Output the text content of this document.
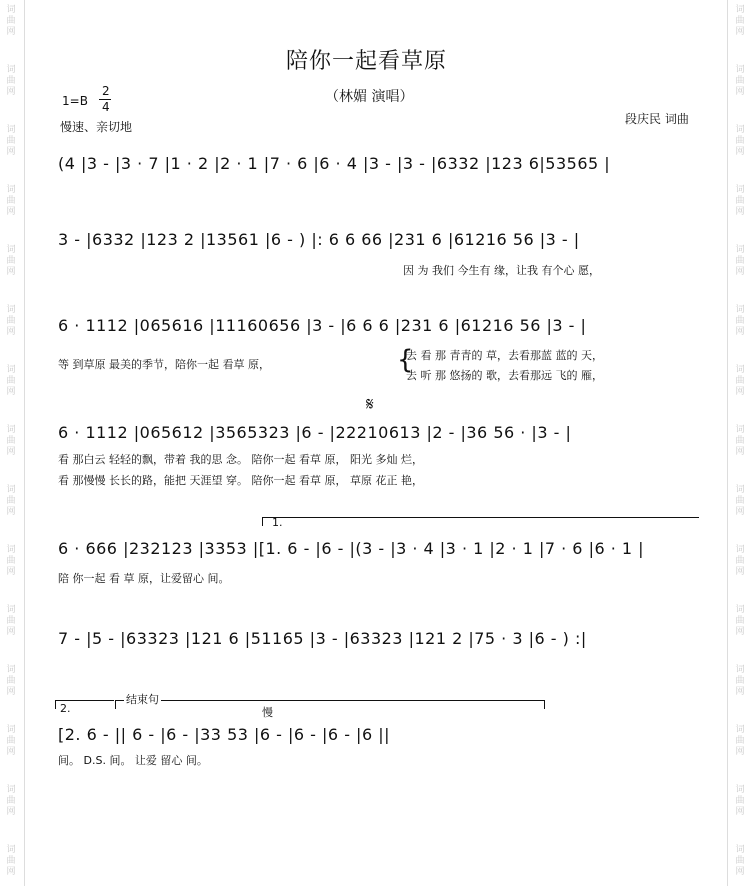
词曲网
词曲网
词曲网
词曲网
词曲网
词曲网
词曲网
词曲网
词曲网
词曲网
词曲网
词曲网
词曲网
词曲网
词曲网
词曲网
词曲网
词曲网
词曲网
词曲网
词曲网
词曲网
词曲网
词曲网
词曲网
词曲网
词曲网
词曲网
词曲网
词曲网
陪你一起看草原
（林媚 演唱）
1=B
2
4
慢速、亲切地
段庆民 词曲
(4 |3 - |3 · 7 |1 · 2 |2 · 1 |7 · 6 |6 · 4 |3 - |3 - |6332 |123 6|53565 |
3 - |6332 |123 2 |13561 |6 - ) |: 6 6 66 |231 6 |61216 56 |3 - |
因 为 我们 今生有 缘，让我 有个心 愿，
6 · 1112 |065616 |11160656 |3 - |6 6 6 |231 6 |61216 56 |3 - |
等 到草原 最美的季节，陪你一起 看草 原，	{
去 看 那 青青的 草，去看那蓝 蓝的 天，
去 听 那 悠扬的 歌，去看那远 飞的 雁，
𝄋
6 · 1112 |065612 |3565323 |6 - |22210613 |2 - |36 56 · |3 - |
看 那白云 轻轻的飘，带着 我的思 念。 陪你一起 看草 原， 阳光 多灿 烂，
看 那慢慢 长长的路，能把 天涯望 穿。 陪你一起 看草 原， 草原 花正 艳，
1.
6 · 666 |232123 |3353 |[1. 6 - |6 - |(3 - |3 · 4 |3 · 1 |2 · 1 |7 · 6 |6 · 1 |
陪 你一起 看 草 原，让爱留心 间。
7 - |5 - |63323 |121 6 |51165 |3 - |63323 |121 2 |75 · 3 |6 - ) :|
2.
结束句
慢
[2. 6 - || 6 - |6 - |33 53 |6 - |6 - |6 - |6 ||
间。 D.S. 间。 让爱 留心 间。
